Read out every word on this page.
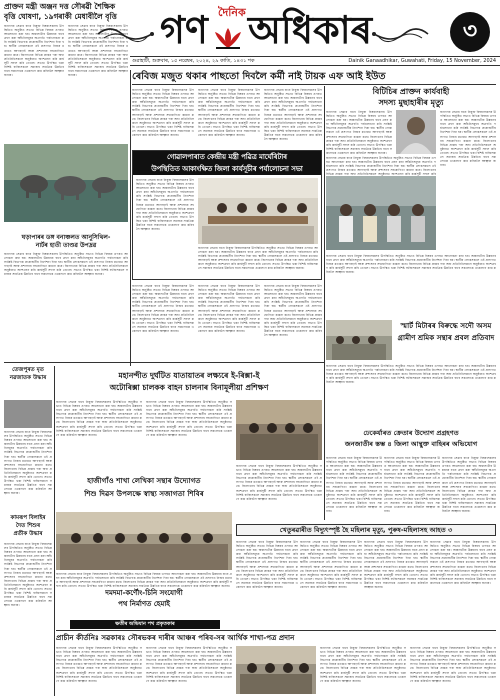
দৈনিক
গণ অধিকাৰ	৩
গুৱাহাটী, শুক্ৰবাৰ, ১৫ নৱেম্বৰ, ২০২৪, ২৯ কাতি, ১৪৩১ শক	Dainik Ganaadhikar, Guwahati, Friday, 15 November, 2024
প্ৰাক্তন মন্ত্ৰী অঞ্জন দত্ত সৌৰৱী শৈক্ষিক
বৃত্তি ঘোষণা, ১৯গৰাকী মেধাবীলৈ বৃত্তি
জনগণৰ সেৱাৰ বাবে নিযুক্ত বিষয়াসকলৰ উপস্থিতিত অনুষ্ঠিত সভাত বিভিন্ন বিষয়ৰ ওপৰত আলোচনা কৰা হয়। অঞ্চলটোৰ উন্নয়নৰ বাবে গ্ৰহণ কৰা আঁচনিসমূহৰ অগ্ৰগতি পৰ্যালোচনা কৰি সংশ্লিষ্ট বিভাগক প্ৰয়োজনীয় নিৰ্দেশনা দিয়া হয়। স্থানীয় লোকসকলে এই প্ৰসংগত নিজৰ মতামত আগবঢ়াই আৰু প্ৰশাসনৰ সহযোগিতা কামনা কৰে। জিলাখনৰ বিভিন্ন প্ৰান্তৰ পৰা অহা প্ৰতিনিধিসকলে অনুষ্ঠানত অংশগ্ৰহণ কৰি কাৰ্যসূচী সফল কৰি তোলে। সভাত উপস্থিত থকা বিশিষ্ট ব্যক্তিসকলে সমাজৰ সামগ্ৰিক উন্নতিৰ বাবে সকলোকে একেলগে কাম কৰিবলৈ আহ্বান জনায়।
জনগণৰ সেৱাৰ বাবে নিযুক্ত বিষয়াসকলৰ উপস্থিতিত অনুষ্ঠিত সভাত বিভিন্ন বিষয়ৰ ওপৰত আলোচনা কৰা হয়। অঞ্চলটোৰ উন্নয়নৰ বাবে গ্ৰহণ কৰা আঁচনিসমূহৰ অগ্ৰগতি পৰ্যালোচনা কৰি সংশ্লিষ্ট বিভাগক প্ৰয়োজনীয় নিৰ্দেশনা দিয়া হয়। স্থানীয় লোকসকলে এই প্ৰসংগত নিজৰ মতামত আগবঢ়াই আৰু প্ৰশাসনৰ সহযোগিতা কামনা কৰে। জিলাখনৰ বিভিন্ন প্ৰান্তৰ পৰা অহা প্ৰতিনিধিসকলে অনুষ্ঠানত অংশগ্ৰহণ কৰি কাৰ্যসূচী সফল কৰি তোলে। সভাত উপস্থিত থকা বিশিষ্ট ব্যক্তিসকলে সমাজৰ সামগ্ৰিক উন্নতিৰ বাবে সকলোকে একেলগে কাম কৰিবলৈ আহ্বান জনায়।
ঘড়াপাৰৰ ডঙ্গ বনাঞ্চলত আনুসিথিল-
নাৰ্টৰ হাতী তাণ্ডৱ উপদ্ৰৱ
জনগণৰ সেৱাৰ বাবে নিযুক্ত বিষয়াসকলৰ উপস্থিতিত অনুষ্ঠিত সভাত বিভিন্ন বিষয়ৰ ওপৰত আলোচনা কৰা হয়। অঞ্চলটোৰ উন্নয়নৰ বাবে গ্ৰহণ কৰা আঁচনিসমূহৰ অগ্ৰগতি পৰ্যালোচনা কৰি সংশ্লিষ্ট বিভাগক প্ৰয়োজনীয় নিৰ্দেশনা দিয়া হয়। স্থানীয় লোকসকলে এই প্ৰসংগত নিজৰ মতামত আগবঢ়াই আৰু প্ৰশাসনৰ সহযোগিতা কামনা কৰে। জিলাখনৰ বিভিন্ন প্ৰান্তৰ পৰা অহা প্ৰতিনিধিসকলে অনুষ্ঠানত অংশগ্ৰহণ কৰি কাৰ্যসূচী সফল কৰি তোলে। সভাত উপস্থিত থকা বিশিষ্ট ব্যক্তিসকলে সমাজৰ সামগ্ৰিক উন্নতিৰ বাবে সকলোকে একেলগে কাম কৰিবলৈ আহ্বান জনায়।
তেজপুৰত মৃত নৱজাতক উদ্ধাৰ
জনগণৰ সেৱাৰ বাবে নিযুক্ত বিষয়াসকলৰ উপস্থিতিত অনুষ্ঠিত সভাত বিভিন্ন বিষয়ৰ ওপৰত আলোচনা কৰা হয়। অঞ্চলটোৰ উন্নয়নৰ বাবে গ্ৰহণ কৰা আঁচনিসমূহৰ অগ্ৰগতি পৰ্যালোচনা কৰি সংশ্লিষ্ট বিভাগক প্ৰয়োজনীয় নিৰ্দেশনা দিয়া হয়। স্থানীয় লোকসকলে এই প্ৰসংগত নিজৰ মতামত আগবঢ়াই আৰু প্ৰশাসনৰ সহযোগিতা কামনা কৰে। জিলাখনৰ বিভিন্ন প্ৰান্তৰ পৰা অহা প্ৰতিনিধিসকলে অনুষ্ঠানত অংশগ্ৰহণ কৰি কাৰ্যসূচী সফল কৰি তোলে। সভাত উপস্থিত থকা বিশিষ্ট ব্যক্তিসকলে সমাজৰ সামগ্ৰিক উন্নতিৰ বাবে সকলোকে একেলগে কাম কৰিবলৈ আহ্বান জনায়।
কামৰূপ বিলাইৰ
দৈত শিশুৰ
প্ৰতীক উদ্ধাৰ
জনগণৰ সেৱাৰ বাবে নিযুক্ত বিষয়াসকলৰ উপস্থিতিত অনুষ্ঠিত সভাত বিভিন্ন বিষয়ৰ ওপৰত আলোচনা কৰা হয়। অঞ্চলটোৰ উন্নয়নৰ বাবে গ্ৰহণ কৰা আঁচনিসমূহৰ অগ্ৰগতি পৰ্যালোচনা কৰি সংশ্লিষ্ট বিভাগক প্ৰয়োজনীয় নিৰ্দেশনা দিয়া হয়। স্থানীয় লোকসকলে এই প্ৰসংগত নিজৰ মতামত আগবঢ়াই আৰু প্ৰশাসনৰ সহযোগিতা কামনা কৰে। জিলাখনৰ বিভিন্ন প্ৰান্তৰ পৰা অহা প্ৰতিনিধিসকলে অনুষ্ঠানত অংশগ্ৰহণ কৰি কাৰ্যসূচী সফল কৰি তোলে। সভাত উপস্থিত থকা বিশিষ্ট ব্যক্তিসকলে সমাজৰ সামগ্ৰিক উন্নতিৰ বাবে সকলোকে একেলগে কাম কৰিবলৈ আহ্বান জনায়।
ৰেবিজ মজুত থকাৰ পাছতো দিবলৈ কৰ্মী নাই টায়ক এফ আই ইউত
জনগণৰ সেৱাৰ বাবে নিযুক্ত বিষয়াসকলৰ উপস্থিতিত অনুষ্ঠিত সভাত বিভিন্ন বিষয়ৰ ওপৰত আলোচনা কৰা হয়। অঞ্চলটোৰ উন্নয়নৰ বাবে গ্ৰহণ কৰা আঁচনিসমূহৰ অগ্ৰগতি পৰ্যালোচনা কৰি সংশ্লিষ্ট বিভাগক প্ৰয়োজনীয় নিৰ্দেশনা দিয়া হয়। স্থানীয় লোকসকলে এই প্ৰসংগত নিজৰ মতামত আগবঢ়াই আৰু প্ৰশাসনৰ সহযোগিতা কামনা কৰে। জিলাখনৰ বিভিন্ন প্ৰান্তৰ পৰা অহা প্ৰতিনিধিসকলে অনুষ্ঠানত অংশগ্ৰহণ কৰি কাৰ্যসূচী সফল কৰি তোলে। সভাত উপস্থিত থকা বিশিষ্ট ব্যক্তিসকলে সমাজৰ সামগ্ৰিক উন্নতিৰ বাবে সকলোকে একেলগে কাম কৰিবলৈ আহ্বান জনায়।
জনগণৰ সেৱাৰ বাবে নিযুক্ত বিষয়াসকলৰ উপস্থিতিত অনুষ্ঠিত সভাত বিভিন্ন বিষয়ৰ ওপৰত আলোচনা কৰা হয়। অঞ্চলটোৰ উন্নয়নৰ বাবে গ্ৰহণ কৰা আঁচনিসমূহৰ অগ্ৰগতি পৰ্যালোচনা কৰি সংশ্লিষ্ট বিভাগক প্ৰয়োজনীয় নিৰ্দেশনা দিয়া হয়। স্থানীয় লোকসকলে এই প্ৰসংগত নিজৰ মতামত আগবঢ়াই আৰু প্ৰশাসনৰ সহযোগিতা কামনা কৰে। জিলাখনৰ বিভিন্ন প্ৰান্তৰ পৰা অহা প্ৰতিনিধিসকলে অনুষ্ঠানত অংশগ্ৰহণ কৰি কাৰ্যসূচী সফল কৰি তোলে। সভাত উপস্থিত থকা বিশিষ্ট ব্যক্তিসকলে সমাজৰ সামগ্ৰিক উন্নতিৰ বাবে সকলোকে একেলগে কাম কৰিবলৈ আহ্বান জনায়।
জনগণৰ সেৱাৰ বাবে নিযুক্ত বিষয়াসকলৰ উপস্থিতিত অনুষ্ঠিত সভাত বিভিন্ন বিষয়ৰ ওপৰত আলোচনা কৰা হয়। অঞ্চলটোৰ উন্নয়নৰ বাবে গ্ৰহণ কৰা আঁচনিসমূহৰ অগ্ৰগতি পৰ্যালোচনা কৰি সংশ্লিষ্ট বিভাগক প্ৰয়োজনীয় নিৰ্দেশনা দিয়া হয়। স্থানীয় লোকসকলে এই প্ৰসংগত নিজৰ মতামত আগবঢ়াই আৰু প্ৰশাসনৰ সহযোগিতা কামনা কৰে। জিলাখনৰ বিভিন্ন প্ৰান্তৰ পৰা অহা প্ৰতিনিধিসকলে অনুষ্ঠানত অংশগ্ৰহণ কৰি কাৰ্যসূচী সফল কৰি তোলে। সভাত উপস্থিত থকা বিশিষ্ট ব্যক্তিসকলে সমাজৰ সামগ্ৰিক উন্নতিৰ বাবে সকলোকে একেলগে কাম কৰিবলৈ আহ্বান জনায়।
বিটিচিৰ প্ৰাক্তন কাৰ্যবাহী
সদস্য মুছাহাৰীৰ মৃত্যু
জনগণৰ সেৱাৰ বাবে নিযুক্ত বিষয়াসকলৰ উপস্থিতিত অনুষ্ঠিত সভাত বিভিন্ন বিষয়ৰ ওপৰত আলোচনা কৰা হয়। অঞ্চলটোৰ উন্নয়নৰ বাবে গ্ৰহণ কৰা আঁচনিসমূহৰ অগ্ৰগতি পৰ্যালোচনা কৰি সংশ্লিষ্ট বিভাগক প্ৰয়োজনীয় নিৰ্দেশনা দিয়া হয়। স্থানীয় লোকসকলে এই প্ৰসংগত নিজৰ মতামত আগবঢ়াই আৰু প্ৰশাসনৰ সহযোগিতা কামনা কৰে। জিলাখনৰ বিভিন্ন প্ৰান্তৰ পৰা অহা প্ৰতিনিধিসকলে অনুষ্ঠানত অংশগ্ৰহণ কৰি কাৰ্যসূচী সফল কৰি তোলে। সভাত উপস্থিত থকা বিশিষ্ট ব্যক্তিসকলে সমাজৰ সামগ্ৰিক উন্নতিৰ বাবে সকলোকে একেলগে কাম কৰিবলৈ আহ্বান জনায়।
জনগণৰ সেৱাৰ বাবে নিযুক্ত বিষয়াসকলৰ উপস্থিতিত অনুষ্ঠিত সভাত বিভিন্ন বিষয়ৰ ওপৰত আলোচনা কৰা হয়। অঞ্চলটোৰ উন্নয়নৰ বাবে গ্ৰহণ কৰা আঁচনিসমূহৰ অগ্ৰগতি পৰ্যালোচনা কৰি সংশ্লিষ্ট বিভাগক প্ৰয়োজনীয় নিৰ্দেশনা দিয়া হয়। স্থানীয় লোকসকলে এই প্ৰসংগত নিজৰ মতামত আগবঢ়াই আৰু প্ৰশাসনৰ সহযোগিতা কামনা কৰে। জিলাখনৰ বিভিন্ন প্ৰান্তৰ পৰা অহা প্ৰতিনিধিসকলে অনুষ্ঠানত অংশগ্ৰহণ কৰি কাৰ্যসূচী সফল কৰি তোলে। সভাত উপস্থিত থকা বিশিষ্ট ব্যক্তিসকলে সমাজৰ সামগ্ৰিক উন্নতিৰ বাবে সকলোকে একেলগে কাম কৰিবলৈ আহ্বান জনায়।
জনগণৰ সেৱাৰ বাবে নিযুক্ত বিষয়াসকলৰ উপস্থিতিত অনুষ্ঠিত সভাত বিভিন্ন বিষয়ৰ ওপৰত আলোচনা কৰা হয়। অঞ্চলটোৰ উন্নয়নৰ বাবে গ্ৰহণ কৰা আঁচনিসমূহৰ অগ্ৰগতি পৰ্যালোচনা কৰি সংশ্লিষ্ট বিভাগক প্ৰয়োজনীয় নিৰ্দেশনা দিয়া হয়। স্থানীয় লোকসকলে এই প্ৰসংগত নিজৰ মতামত আগবঢ়াই আৰু প্ৰশাসনৰ সহযোগিতা কামনা কৰে। জিলাখনৰ বিভিন্ন প্ৰান্তৰ পৰা অহা প্ৰতিনিধিসকলে অনুষ্ঠানত অংশগ্ৰহণ কৰি কাৰ্যসূচী সফল কৰি
জনগণৰ সেৱাৰ বাবে নিযুক্ত বিষয়াসকলৰ উপস্থিতিত অনুষ্ঠিত সভাত বিভিন্ন বিষয়ৰ ওপৰত আলোচনা কৰা হয়। অঞ্চলটোৰ উন্নয়নৰ বাবে গ্ৰহণ কৰা আঁচনিসমূহৰ অগ্ৰগতি পৰ্যালোচনা কৰি সংশ্লিষ্ট বিভাগক প্ৰয়োজনীয় নিৰ্দেশনা দিয়া হয়। স্থানীয় লোকসকলে এই প্ৰসংগত নিজৰ মতামত আগবঢ়াই আৰু প্ৰশাসনৰ সহযোগিতা কামনা কৰে। জিলাখনৰ বিভিন্ন প্ৰান্তৰ পৰা অহা প্ৰতিনিধিসকলে অনুষ্ঠানত অংশগ্ৰহণ কৰি কাৰ্যসূচী সফল কৰি তোলে। সভাত উপস্থিত থকা বিশিষ্ট ব্যক্তিসকলে সমাজৰ সামগ্ৰিক উন্নতিৰ বাবে সকলোকে একেলগে কাম কৰিবলৈ আহ্বান জনায়।
গোৱালপাৰাত কেন্দ্ৰীয় মন্ত্ৰী পৱিত্ৰ মাৰ্ঘেৰিটাৰ
উপস্থিতিত আকাংক্ষিত জিলা কাৰ্যসূচীৰ পৰ্যালোচনা সভা
জনগণৰ সেৱাৰ বাবে নিযুক্ত বিষয়াসকলৰ উপস্থিতিত অনুষ্ঠিত সভাত বিভিন্ন বিষয়ৰ ওপৰত আলোচনা কৰা হয়। অঞ্চলটোৰ উন্নয়নৰ বাবে গ্ৰহণ কৰা আঁচনিসমূহৰ অগ্ৰগতি পৰ্যালোচনা কৰি সংশ্লিষ্ট বিভাগক প্ৰয়োজনীয় নিৰ্দেশনা দিয়া হয়। স্থানীয় লোকসকলে এই প্ৰসংগত নিজৰ মতামত আগবঢ়াই আৰু প্ৰশাসনৰ সহযোগিতা কামনা কৰে। জিলাখনৰ বিভিন্ন প্ৰান্তৰ পৰা অহা প্ৰতিনিধিসকলে অনুষ্ঠানত অংশগ্ৰহণ কৰি কাৰ্যসূচী সফল কৰি তোলে। সভাত উপস্থিত থকা বিশিষ্ট ব্যক্তিসকলে সমাজৰ সামগ্ৰিক উন্নতিৰ বাবে সকলোকে একেলগে কাম কৰিবলৈ আহ্বান জনায়।
জনগণৰ সেৱাৰ বাবে নিযুক্ত বিষয়াসকলৰ উপস্থিতিত অনুষ্ঠিত সভাত বিভিন্ন বিষয়ৰ ওপৰত আলোচনা কৰা হয়। অঞ্চলটোৰ উন্নয়নৰ বাবে গ্ৰহণ কৰা আঁচনিসমূহৰ অগ্ৰগতি পৰ্যালোচনা কৰি সংশ্লিষ্ট বিভাগক প্ৰয়োজনীয় নিৰ্দেশনা দিয়া হয়। স্থানীয় লোকসকলে এই প্ৰসংগত নিজৰ মতামত আগবঢ়াই আৰু প্ৰশাসনৰ সহযোগিতা কামনা কৰে। জিলাখনৰ বিভিন্ন প্ৰান্তৰ পৰা অহা প্ৰতিনিধিসকলে অনুষ্ঠানত অংশগ্ৰহণ কৰি কাৰ্যসূচী সফল কৰি তোলে। সভাত উপস্থিত থকা বিশিষ্ট ব্যক্তিসকলে সমাজৰ সামগ্ৰিক উন্নতিৰ বাবে সকলোকে একেলগে কাম কৰিবলৈ আহ্বান জনায়।
জনগণৰ সেৱাৰ বাবে নিযুক্ত বিষয়াসকলৰ উপস্থিতিত অনুষ্ঠিত সভাত বিভিন্ন বিষয়ৰ ওপৰত আলোচনা কৰা হয়। অঞ্চলটোৰ উন্নয়নৰ বাবে গ্ৰহণ কৰা আঁচনিসমূহৰ অগ্ৰগতি পৰ্যালোচনা কৰি সংশ্লিষ্ট বিভাগক প্ৰয়োজনীয় নিৰ্দেশনা দিয়া হয়। স্থানীয় লোকসকলে এই প্ৰসংগত নিজৰ মতামত আগবঢ়াই আৰু প্ৰশাসনৰ সহযোগিতা কামনা কৰে। জিলাখনৰ বিভিন্ন প্ৰান্তৰ পৰা অহা প্ৰতিনিধিসকলে অনুষ্ঠানত অংশগ্ৰহণ কৰি কাৰ্যসূচী সফল কৰি তোলে। সভাত উপস্থিত থকা বিশিষ্ট ব্যক্তিসকলে সমাজৰ সামগ্ৰিক উন্নতিৰ বাবে সকলোকে একেলগে কাম কৰিবলৈ আহ্বান জনায়।
জনগণৰ সেৱাৰ বাবে নিযুক্ত বিষয়াসকলৰ উপস্থিতিত অনুষ্ঠিত সভাত বিভিন্ন বিষয়ৰ ওপৰত আলোচনা কৰা হয়। অঞ্চলটোৰ উন্নয়নৰ বাবে গ্ৰহণ কৰা আঁচনিসমূহৰ অগ্ৰগতি পৰ্যালোচনা কৰি সংশ্লিষ্ট বিভাগক প্ৰয়োজনীয় নিৰ্দেশনা দিয়া হয়। স্থানীয় লোকসকলে এই প্ৰসংগত নিজৰ মতামত আগবঢ়াই আৰু প্ৰশাসনৰ সহযোগিতা কামনা কৰে। জিলাখনৰ বিভিন্ন প্ৰান্তৰ পৰা অহা প্ৰতিনিধিসকলে অনুষ্ঠানত অংশগ্ৰহণ কৰি কাৰ্যসূচী সফল কৰি তোলে। সভাত উপস্থিত থকা বিশিষ্ট ব্যক্তিসকলে সমাজৰ সামগ্ৰিক উন্নতিৰ বাবে সকলোকে একেলগে কাম কৰিবলৈ আহ্বান জনায়।
জনগণৰ সেৱাৰ বাবে নিযুক্ত বিষয়াসকলৰ উপস্থিতিত অনুষ্ঠিত সভাত বিভিন্ন বিষয়ৰ ওপৰত আলোচনা কৰা হয়। অঞ্চলটোৰ উন্নয়নৰ বাবে গ্ৰহণ কৰা আঁচনিসমূহৰ অগ্ৰগতি পৰ্যালোচনা কৰি সংশ্লিষ্ট বিভাগক প্ৰয়োজনীয় নিৰ্দেশনা দিয়া হয়। স্থানীয় লোকসকলে এই প্ৰসংগত নিজৰ মতামত আগবঢ়াই আৰু প্ৰশাসনৰ সহযোগিতা কামনা কৰে। জিলাখনৰ বিভিন্ন প্ৰান্তৰ পৰা অহা প্ৰতিনিধিসকলে অনুষ্ঠানত অংশগ্ৰহণ কৰি কাৰ্যসূচী সফল কৰি তোলে। সভাত উপস্থিত থকা বিশিষ্ট ব্যক্তিসকলে সমাজৰ সামগ্ৰিক উন্নতিৰ বাবে সকলোকে একেলগে কাম কৰিবলৈ আহ্বান জনায়।
স্মাৰ্ট মিটাৰৰ বিৰুদ্ধে সদৌ অসম
গ্ৰামীণ শ্ৰমিক সন্থাৰ প্ৰবল প্ৰতিবাদ
জনগণৰ সেৱাৰ বাবে নিযুক্ত বিষয়াসকলৰ উপস্থিতিত অনুষ্ঠিত সভাত বিভিন্ন বিষয়ৰ ওপৰত আলোচনা কৰা হয়। অঞ্চলটোৰ উন্নয়নৰ বাবে গ্ৰহণ কৰা আঁচনিসমূহৰ অগ্ৰগতি পৰ্যালোচনা কৰি সংশ্লিষ্ট বিভাগক প্ৰয়োজনীয় নিৰ্দেশনা দিয়া হয়। স্থানীয় লোকসকলে এই প্ৰসংগত নিজৰ মতামত আগবঢ়াই আৰু প্ৰশাসনৰ সহযোগিতা কামনা কৰে। জিলাখনৰ বিভিন্ন প্ৰান্তৰ পৰা অহা প্ৰতিনিধিসকলে অনুষ্ঠানত অংশগ্ৰহণ কৰি কাৰ্যসূচী সফল কৰি তোলে। সভাত উপস্থিত থকা বিশিষ্ট ব্যক্তিসকলে সমাজৰ সামগ্ৰিক উন্নতিৰ বাবে সকলোকে একেলগে কাম কৰিবলৈ আহ্বান জনায়।
মহানন্দীত দুৰ্ঘটিত যাতায়াতৰ লক্ষ্যৰে ই-ৰিক্সা-ই
অটোৰিক্সা চালকক বাহন চালনাৰ বিনামূলীয়া প্ৰশিক্ষণ
জনগণৰ সেৱাৰ বাবে নিযুক্ত বিষয়াসকলৰ উপস্থিতিত অনুষ্ঠিত সভাত বিভিন্ন বিষয়ৰ ওপৰত আলোচনা কৰা হয়। অঞ্চলটোৰ উন্নয়নৰ বাবে গ্ৰহণ কৰা আঁচনিসমূহৰ অগ্ৰগতি পৰ্যালোচনা কৰি সংশ্লিষ্ট বিভাগক প্ৰয়োজনীয় নিৰ্দেশনা দিয়া হয়। স্থানীয় লোকসকলে এই প্ৰসংগত নিজৰ মতামত আগবঢ়াই আৰু প্ৰশাসনৰ সহযোগিতা কামনা কৰে। জিলাখনৰ বিভিন্ন প্ৰান্তৰ পৰা অহা প্ৰতিনিধিসকলে অনুষ্ঠানত অংশগ্ৰহণ কৰি কাৰ্যসূচী সফল কৰি তোলে। সভাত উপস্থিত থকা বিশিষ্ট ব্যক্তিসকলে সমাজৰ সামগ্ৰিক উন্নতিৰ বাবে সকলোকে একেলগে কাম কৰিবলৈ আহ্বান জনায়।
জনগণৰ সেৱাৰ বাবে নিযুক্ত বিষয়াসকলৰ উপস্থিতিত অনুষ্ঠিত সভাত বিভিন্ন বিষয়ৰ ওপৰত আলোচনা কৰা হয়। অঞ্চলটোৰ উন্নয়নৰ বাবে গ্ৰহণ কৰা আঁচনিসমূহৰ অগ্ৰগতি পৰ্যালোচনা কৰি সংশ্লিষ্ট বিভাগক প্ৰয়োজনীয় নিৰ্দেশনা দিয়া হয়। স্থানীয় লোকসকলে এই প্ৰসংগত নিজৰ মতামত আগবঢ়াই আৰু প্ৰশাসনৰ সহযোগিতা কামনা কৰে। জিলাখনৰ বিভিন্ন প্ৰান্তৰ পৰা অহা প্ৰতিনিধিসকলে অনুষ্ঠানত অংশগ্ৰহণ কৰি কাৰ্যসূচী সফল কৰি তোলে। সভাত উপস্থিত থকা বিশিষ্ট ব্যক্তিসকলে সমাজৰ সামগ্ৰিক উন্নতিৰ বাবে সকলোকে একেলগে কাম কৰিবলৈ আহ্বান জনায়।	ঢেকেৰ্যাৰত ক্ৰেতাৰ উদ্যোগ প্ৰগ্ৰহণত
জনজাতীৰ স্তম্ভ ৪ জিলা আন্থুক্ত বাহিৰৰ অভিযোগ
জনগণৰ সেৱাৰ বাবে নিযুক্ত বিষয়াসকলৰ উপস্থিতিত অনুষ্ঠিত সভাত বিভিন্ন বিষয়ৰ ওপৰত আলোচনা কৰা হয়। অঞ্চলটোৰ উন্নয়নৰ বাবে গ্ৰহণ কৰা আঁচনিসমূহৰ অগ্ৰগতি পৰ্যালোচনা কৰি সংশ্লিষ্ট বিভাগক প্ৰয়োজনীয় নিৰ্দেশনা দিয়া হয়। স্থানীয় লোকসকলে এই প্ৰসংগত নিজৰ মতামত আগবঢ়াই আৰু প্ৰশাসনৰ সহযোগিতা কামনা কৰে। জিলাখনৰ বিভিন্ন প্ৰান্তৰ পৰা অহা প্ৰতিনিধিসকলে অনুষ্ঠানত অংশগ্ৰহণ কৰি কাৰ্যসূচী সফল কৰি তোলে। সভাত উপস্থিত থকা বিশিষ্ট ব্যক্তিসকলে সমাজৰ সামগ্ৰিক উন্নতিৰ বাবে সকলোকে একেলগে কাম কৰিবলৈ আহ্বান জনায়।
জনগণৰ সেৱাৰ বাবে নিযুক্ত বিষয়াসকলৰ উপস্থিতিত অনুষ্ঠিত সভাত বিভিন্ন বিষয়ৰ ওপৰত আলোচনা কৰা হয়। অঞ্চলটোৰ উন্নয়নৰ বাবে গ্ৰহণ কৰা আঁচনিসমূহৰ অগ্ৰগতি পৰ্যালোচনা কৰি সংশ্লিষ্ট বিভাগক প্ৰয়োজনীয় নিৰ্দেশনা দিয়া হয়। স্থানীয় লোকসকলে এই প্ৰসংগত নিজৰ মতামত আগবঢ়াই আৰু প্ৰশাসনৰ সহযোগিতা কামনা কৰে। জিলাখনৰ বিভিন্ন প্ৰান্তৰ পৰা অহা প্ৰতিনিধিসকলে অনুষ্ঠানত অংশগ্ৰহণ কৰি কাৰ্যসূচী সফল কৰি তোলে। সভাত উপস্থিত থকা বিশিষ্ট ব্যক্তিসকলে সমাজৰ সামগ্ৰিক উন্নতিৰ বাবে সকলোকে একেলগে কাম কৰিবলৈ আহ্বান জনায়।
জনগণৰ সেৱাৰ বাবে নিযুক্ত বিষয়াসকলৰ উপস্থিতিত অনুষ্ঠিত সভাত বিভিন্ন বিষয়ৰ ওপৰত আলোচনা কৰা হয়। অঞ্চলটোৰ উন্নয়নৰ বাবে গ্ৰহণ কৰা আঁচনিসমূহৰ অগ্ৰগতি পৰ্যালোচনা কৰি সংশ্লিষ্ট বিভাগক প্ৰয়োজনীয় নিৰ্দেশনা দিয়া হয়। স্থানীয় লোকসকলে এই প্ৰসংগত নিজৰ মতামত আগবঢ়াই আৰু প্ৰশাসনৰ সহযোগিতা কামনা কৰে। জিলাখনৰ বিভিন্ন প্ৰান্তৰ পৰা অহা প্ৰতিনিধিসকলে অনুষ্ঠানত অংশগ্ৰহণ কৰি কাৰ্যসূচী সফল কৰি তোলে। সভাত উপস্থিত থকা বিশিষ্ট ব্যক্তিসকলে সমাজৰ সামগ্ৰিক উন্নতিৰ বাবে সকলোকে একেলগে কাম কৰিবলৈ আহ্বান জনায়।
হাজীগাঁও শাখা লেখিকা সন্থাৰ উদ্যোগত
শিশু দিৱস উপলক্ষে স্বাস্থ্য সজাগতা শিবিৰ
জনগণৰ সেৱাৰ বাবে নিযুক্ত বিষয়াসকলৰ উপস্থিতিত অনুষ্ঠিত সভাত বিভিন্ন বিষয়ৰ ওপৰত আলোচনা কৰা হয়। অঞ্চলটোৰ উন্নয়নৰ বাবে গ্ৰহণ কৰা আঁচনিসমূহৰ অগ্ৰগতি পৰ্যালোচনা কৰি সংশ্লিষ্ট বিভাগক প্ৰয়োজনীয় নিৰ্দেশনা দিয়া হয়। স্থানীয় লোকসকলে এই প্ৰসংগত নিজৰ মতামত আগবঢ়াই আৰু প্ৰশাসনৰ সহযোগিতা কামনা কৰে। জিলাখনৰ বিভিন্ন প্ৰান্তৰ পৰা অহা প্ৰতিনিধিসকলে অনুষ্ঠানত অংশগ্ৰহণ কৰি কাৰ্যসূচী সফল কৰি তোলে। সভাত উপস্থিত থকা বিশিষ্ট ব্যক্তিসকলে সমাজৰ সামগ্ৰিক উন্নতিৰ বাবে সকলোকে একেলগে কাম কৰিবলৈ আহ্বান জনায়।
জনগণৰ সেৱাৰ বাবে নিযুক্ত বিষয়াসকলৰ উপস্থিতিত অনুষ্ঠিত সভাত বিভিন্ন বিষয়ৰ ওপৰত আলোচনা কৰা হয়। অঞ্চলটোৰ উন্নয়নৰ বাবে গ্ৰহণ কৰা আঁচনিসমূহৰ অগ্ৰগতি পৰ্যালোচনা কৰি সংশ্লিষ্ট বিভাগক প্ৰয়োজনীয় নিৰ্দেশনা দিয়া হয়। স্থানীয় লোকসকলে এই প্ৰসংগত নিজৰ মতামত আগবঢ়াই আৰু প্ৰশাসনৰ সহযোগিতা কামনা কৰে। জিলাখনৰ বিভিন্ন প্ৰান্তৰ পৰা অহা প্ৰতিনিধিসকলে অনুষ্ঠানত অংশগ্ৰহণ কৰি কাৰ্যসূচী সফল কৰি তোলে। সভাত উপস্থিত থকা বিশিষ্ট ব্যক্তিসকলে সমাজৰ সামগ্ৰিক উন্নতিৰ বাবে সকলোকে একেলগে কাম কৰিবলৈ আহ্বান জনায়।
খেতুৰৱাৰীত বিদ্যুৎস্পৃষ্ট হৈ মহিলাৰ মৃত্যু, পুৰুষ-মহিলাসহ আহত ৩
জনগণৰ সেৱাৰ বাবে নিযুক্ত বিষয়াসকলৰ উপস্থিতিত অনুষ্ঠিত সভাত বিভিন্ন বিষয়ৰ ওপৰত আলোচনা কৰা হয়। অঞ্চলটোৰ উন্নয়নৰ বাবে গ্ৰহণ কৰা আঁচনিসমূহৰ অগ্ৰগতি পৰ্যালোচনা কৰি সংশ্লিষ্ট বিভাগক প্ৰয়োজনীয় নিৰ্দেশনা দিয়া হয়। স্থানীয় লোকসকলে এই প্ৰসংগত নিজৰ মতামত আগবঢ়াই আৰু প্ৰশাসনৰ সহযোগিতা কামনা কৰে। জিলাখনৰ বিভিন্ন প্ৰান্তৰ পৰা অহা প্ৰতিনিধিসকলে অনুষ্ঠানত অংশগ্ৰহণ কৰি কাৰ্যসূচী সফল কৰি তোলে। সভাত উপস্থিত থকা বিশিষ্ট ব্যক্তিসকলে সমাজৰ সামগ্ৰিক উন্নতিৰ বাবে সকলোকে একেলগে কাম কৰিবলৈ আহ্বান জনায়।
জনগণৰ সেৱাৰ বাবে নিযুক্ত বিষয়াসকলৰ উপস্থিতিত অনুষ্ঠিত সভাত বিভিন্ন বিষয়ৰ ওপৰত আলোচনা কৰা হয়। অঞ্চলটোৰ উন্নয়নৰ বাবে গ্ৰহণ কৰা আঁচনিসমূহৰ অগ্ৰগতি পৰ্যালোচনা কৰি সংশ্লিষ্ট বিভাগক প্ৰয়োজনীয় নিৰ্দেশনা দিয়া হয়। স্থানীয় লোকসকলে এই প্ৰসংগত নিজৰ মতামত আগবঢ়াই আৰু প্ৰশাসনৰ সহযোগিতা কামনা কৰে। জিলাখনৰ বিভিন্ন প্ৰান্তৰ পৰা অহা প্ৰতিনিধিসকলে অনুষ্ঠানত অংশগ্ৰহণ কৰি কাৰ্যসূচী সফল কৰি তোলে। সভাত উপস্থিত থকা বিশিষ্ট ব্যক্তিসকলে সমাজৰ সামগ্ৰিক উন্নতিৰ বাবে সকলোকে একেলগে কাম কৰিবলৈ আহ্বান জনায়।
জনগণৰ সেৱাৰ বাবে নিযুক্ত বিষয়াসকলৰ উপস্থিতিত অনুষ্ঠিত সভাত বিভিন্ন বিষয়ৰ ওপৰত আলোচনা কৰা হয়। অঞ্চলটোৰ উন্নয়নৰ বাবে গ্ৰহণ কৰা আঁচনিসমূহৰ অগ্ৰগতি পৰ্যালোচনা কৰি সংশ্লিষ্ট বিভাগক প্ৰয়োজনীয় নিৰ্দেশনা দিয়া হয়। স্থানীয় লোকসকলে এই প্ৰসংগত নিজৰ মতামত আগবঢ়াই আৰু প্ৰশাসনৰ সহযোগিতা কামনা কৰে। জিলাখনৰ বিভিন্ন প্ৰান্তৰ পৰা অহা প্ৰতিনিধিসকলে অনুষ্ঠানত অংশগ্ৰহণ কৰি কাৰ্যসূচী সফল কৰি তোলে। সভাত উপস্থিত থকা বিশিষ্ট ব্যক্তিসকলে সমাজৰ সামগ্ৰিক উন্নতিৰ বাবে সকলোকে একেলগে কাম কৰিবলৈ আহ্বান জনায়।
জনগণৰ সেৱাৰ বাবে নিযুক্ত বিষয়াসকলৰ উপস্থিতিত অনুষ্ঠিত সভাত বিভিন্ন বিষয়ৰ ওপৰত আলোচনা কৰা হয়। অঞ্চলটোৰ উন্নয়নৰ বাবে গ্ৰহণ কৰা আঁচনিসমূহৰ অগ্ৰগতি পৰ্যালোচনা কৰি সংশ্লিষ্ট বিভাগক প্ৰয়োজনীয় নিৰ্দেশনা দিয়া হয়। স্থানীয় লোকসকলে এই প্ৰসংগত নিজৰ মতামত আগবঢ়াই আৰু প্ৰশাসনৰ সহযোগিতা কামনা কৰে। জিলাখনৰ বিভিন্ন প্ৰান্তৰ পৰা অহা প্ৰতিনিধিসকলে অনুষ্ঠানত অংশগ্ৰহণ কৰি কাৰ্যসূচী সফল কৰি তোলে। সভাত উপস্থিত থকা বিশিষ্ট ব্যক্তিসকলে সমাজৰ সামগ্ৰিক উন্নতিৰ বাবে সকলোকে একেলগে কাম কৰিবলৈ আহ্বান জনায়।
দমদমা-কৰ্ণৌং-চিনি সংযোগী
পথ নিৰ্মাণত হেমাই
ক্ষতীৰ অভিযান পথ প্ৰকৃতকাৰ
প্ৰাচীন কীৰ্তনিঃ সৱকাৰঃ সৌৰভকৰ দাৰীৰ আঞ্চৰ পৰিব-সৰ আৰ্থিক শাখা-পত্ৰ প্ৰদান
জনগণৰ সেৱাৰ বাবে নিযুক্ত বিষয়াসকলৰ উপস্থিতিত অনুষ্ঠিত সভাত বিভিন্ন বিষয়ৰ ওপৰত আলোচনা কৰা হয়। অঞ্চলটোৰ উন্নয়নৰ বাবে গ্ৰহণ কৰা আঁচনিসমূহৰ অগ্ৰগতি পৰ্যালোচনা কৰি সংশ্লিষ্ট বিভাগক প্ৰয়োজনীয় নিৰ্দেশনা দিয়া হয়। স্থানীয় লোকসকলে এই প্ৰসংগত নিজৰ মতামত আগবঢ়াই আৰু প্ৰশাসনৰ সহযোগিতা কামনা কৰে। জিলাখনৰ বিভিন্ন প্ৰান্তৰ পৰা অহা প্ৰতিনিধিসকলে অনুষ্ঠানত অংশগ্ৰহণ কৰি কাৰ্যসূচী সফল কৰি তোলে। সভাত উপস্থিত থকা বিশিষ্ট ব্যক্তিসকলে সমাজৰ সামগ্ৰিক উন্নতিৰ বাবে সকলোকে একেলগে কাম কৰিবলৈ আহ্বান জনায়।
জনগণৰ সেৱাৰ বাবে নিযুক্ত বিষয়াসকলৰ উপস্থিতিত অনুষ্ঠিত সভাত বিভিন্ন বিষয়ৰ ওপৰত আলোচনা কৰা হয়। অঞ্চলটোৰ উন্নয়নৰ বাবে গ্ৰহণ কৰা আঁচনিসমূহৰ অগ্ৰগতি পৰ্যালোচনা কৰি সংশ্লিষ্ট বিভাগক প্ৰয়োজনীয় নিৰ্দেশনা দিয়া হয়। স্থানীয় লোকসকলে এই প্ৰসংগত নিজৰ মতামত আগবঢ়াই আৰু প্ৰশাসনৰ সহযোগিতা কামনা কৰে। জিলাখনৰ বিভিন্ন প্ৰান্তৰ পৰা অহা প্ৰতিনিধিসকলে অনুষ্ঠানত অংশগ্ৰহণ কৰি কাৰ্যসূচী সফল কৰি তোলে। সভাত উপস্থিত থকা বিশিষ্ট ব্যক্তিসকলে সমাজৰ সামগ্ৰিক উন্নতিৰ বাবে সকলোকে একেলগে কাম কৰিবলৈ আহ্বান জনায়।
জনগণৰ সেৱাৰ বাবে নিযুক্ত বিষয়াসকলৰ উপস্থিতিত অনুষ্ঠিত সভাত বিভিন্ন বিষয়ৰ ওপৰত আলোচনা কৰা হয়। অঞ্চলটোৰ উন্নয়নৰ বাবে গ্ৰহণ কৰা আঁচনিসমূহৰ অগ্ৰগতি পৰ্যালোচনা কৰি সংশ্লিষ্ট বিভাগক প্ৰয়োজনীয় নিৰ্দেশনা দিয়া হয়। স্থানীয় লোকসকলে এই প্ৰসংগত নিজৰ মতামত আগবঢ়াই আৰু প্ৰশাসনৰ সহযোগিতা কামনা কৰে। জিলাখনৰ বিভিন্ন প্ৰান্তৰ পৰা অহা প্ৰতিনিধিসকলে অনুষ্ঠানত অংশগ্ৰহণ কৰি কাৰ্যসূচী সফল কৰি তোলে। সভাত উপস্থিত থকা বিশিষ্ট ব্যক্তিসকলে সমাজৰ সামগ্ৰিক উন্নতিৰ বাবে সকলোকে একেলগে কাম কৰিবলৈ আহ্বান জনায়।
জনগণৰ সেৱাৰ বাবে নিযুক্ত বিষয়াসকলৰ উপস্থিতিত অনুষ্ঠিত সভাত বিভিন্ন বিষয়ৰ ওপৰত আলোচনা কৰা হয়। অঞ্চলটোৰ উন্নয়নৰ বাবে গ্ৰহণ কৰা আঁচনিসমূহৰ অগ্ৰগতি পৰ্যালোচনা কৰি সংশ্লিষ্ট বিভাগক প্ৰয়োজনীয় নিৰ্দেশনা দিয়া হয়। স্থানীয় লোকসকলে এই প্ৰসংগত নিজৰ মতামত আগবঢ়াই আৰু প্ৰশাসনৰ সহযোগিতা কামনা কৰে। জিলাখনৰ বিভিন্ন প্ৰান্তৰ পৰা অহা প্ৰতিনিধিসকলে অনুষ্ঠানত অংশগ্ৰহণ কৰি কাৰ্যসূচী সফল কৰি তোলে। সভাত উপস্থিত থকা বিশিষ্ট ব্যক্তিসকলে সমাজৰ সামগ্ৰিক উন্নতিৰ বাবে সকলোকে একেলগে কাম কৰিবলৈ আহ্বান জনায়।
